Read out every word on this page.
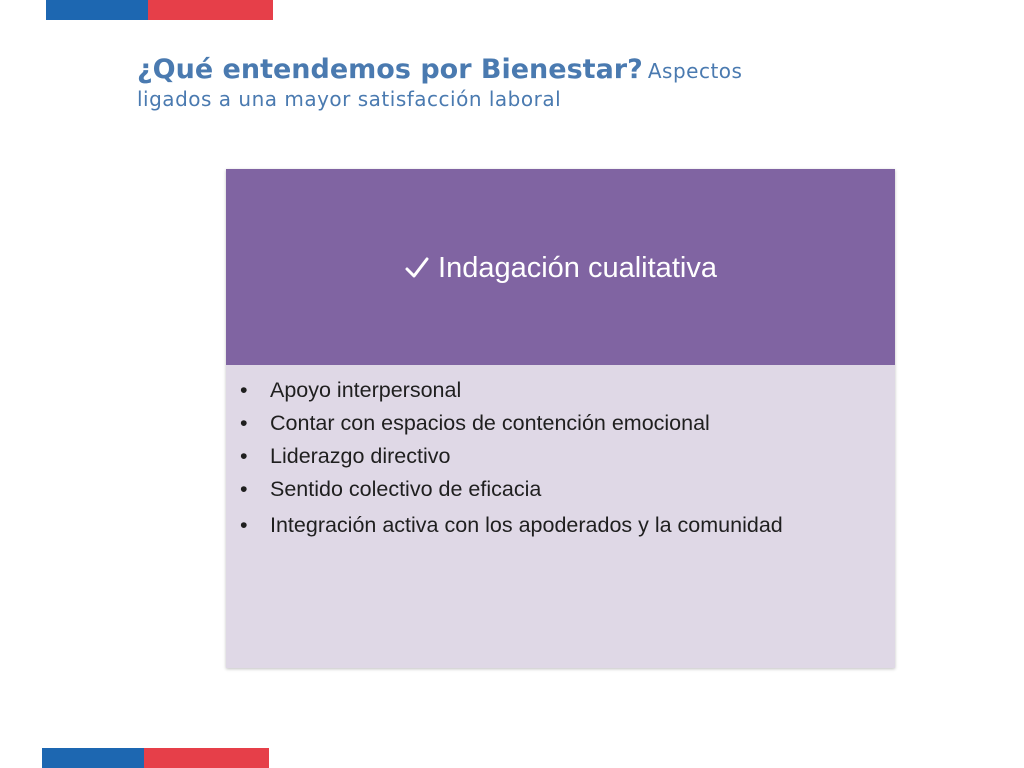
¿Qué entendemos por Bienestar? Aspectos
ligados a una mayor satisfacción laboral
Indagación cualitativa
•	Apoyo interpersonal
•	Contar con espacios de contención emocional
•	Liderazgo directivo
•	Sentido colectivo de eficacia
•	Integración activa con los apoderados y la comunidad
